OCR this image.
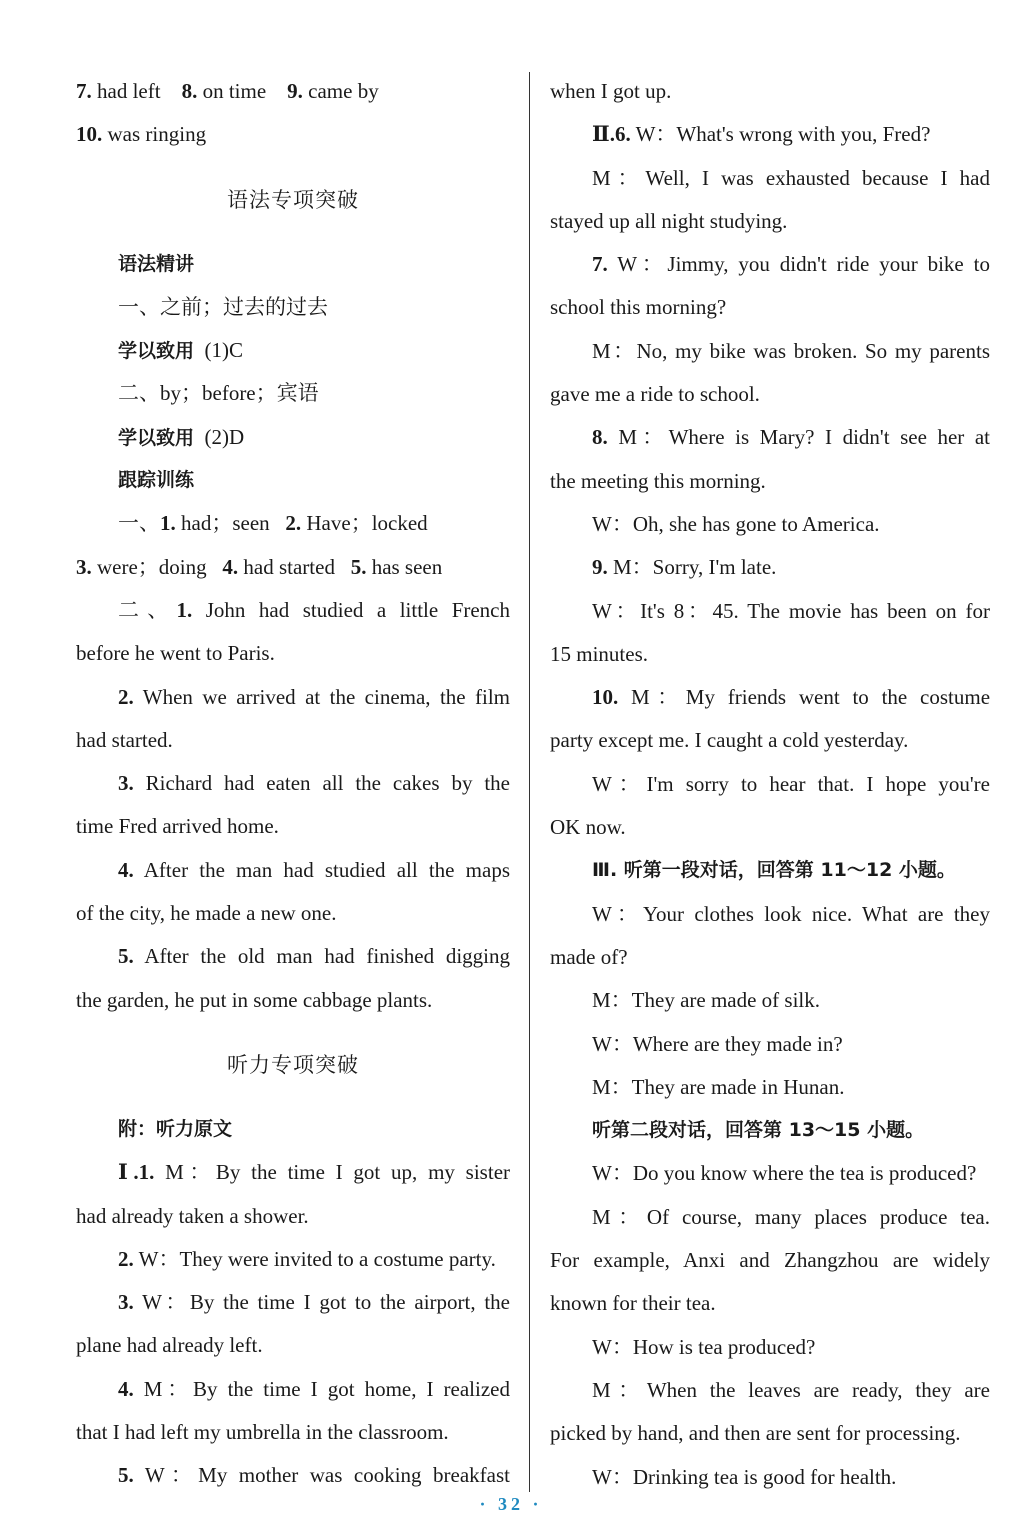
7. had left 8. on time 9. came by
10. was ringing
语法专项突破
语法精讲
一、之前；过去的过去
学以致用 (1)C
二、by；before；宾语
学以致用 (2)D
跟踪训练
一、1. had；seen 2. Have；locked
3. were；doing 4. had started 5. has seen
二、1. John had studied a little French
before he went to Paris.
2. When we arrived at the cinema, the film
had started.
3. Richard had eaten all the cakes by the
time Fred arrived home.
4. After the man had studied all the maps
of the city, he made a new one.
5. After the old man had finished digging
the garden, he put in some cabbage plants.
听力专项突破
附：听力原文
Ⅰ.1. M：By the time I got up, my sister
had already taken a shower.
2. W：They were invited to a costume party.
3. W：By the time I got to the airport, the
plane had already left.
4. M：By the time I got home, I realized
that I had left my umbrella in the classroom.
5. W：My mother was cooking breakfast
when I got up.
Ⅱ.6. W：What's wrong with you, Fred?
M：Well, I was exhausted because I had
stayed up all night studying.
7. W：Jimmy, you didn't ride your bike to
school this morning?
M：No, my bike was broken. So my parents
gave me a ride to school.
8. M：Where is Mary? I didn't see her at
the meeting this morning.
W：Oh, she has gone to America.
9. M：Sorry, I'm late.
W：It's 8：45. The movie has been on for
15 minutes.
10. M：My friends went to the costume
party except me. I caught a cold yesterday.
W：I'm sorry to hear that. I hope you're
OK now.
Ⅲ. 听第一段对话，回答第 11～12 小题。
W：Your clothes look nice. What are they
made of?
M：They are made of silk.
W：Where are they made in?
M：They are made in Hunan.
听第二段对话，回答第 13～15 小题。
W：Do you know where the tea is produced?
M：Of course, many places produce tea.
For example, Anxi and Zhangzhou are widely
known for their tea.
W：How is tea produced?
M：When the leaves are ready, they are
picked by hand, and then are sent for processing.
W：Drinking tea is good for health.
· 32 ·
